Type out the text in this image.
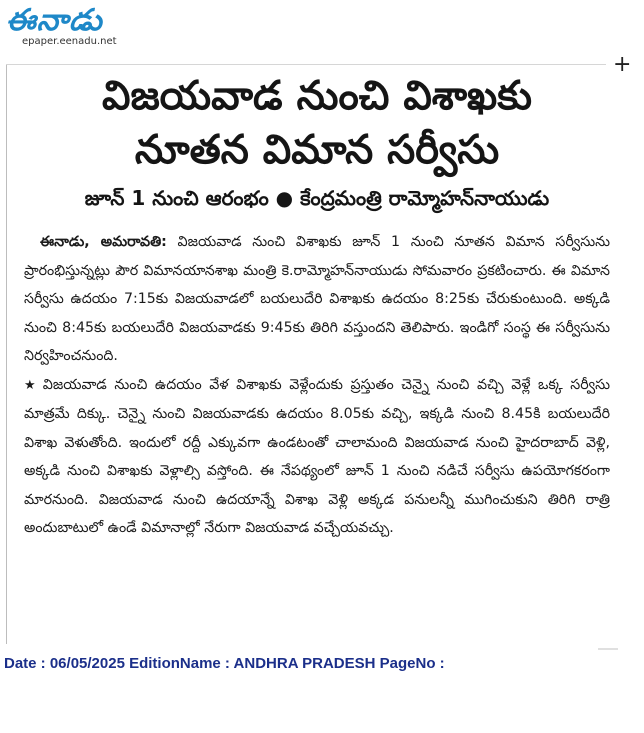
ఈనాడు
epaper.eenadu.net
+
విజయవాడ నుంచి విశాఖకు
నూతన విమాన సర్వీసు
జూన్‌ 1 నుంచి ఆరంభం ● కేంద్రమంత్రి రామ్మోహన్‌నాయుడు

ఈనాడు, అమరావతి: విజయవాడ నుంచి విశాఖకు జూన్‌ 1 నుంచి నూతన విమాన సర్వీసును ప్రారంభిస్తున్నట్లు పౌర విమానయానశాఖ మంత్రి కె.రామ్మోహన్‌నాయుడు సోమవారం ప్రకటించారు. ఈ విమాన సర్వీసు ఉదయం 7:15కు విజయవాడలో బయలుదేరి విశాఖకు ఉదయం 8:25కు చేరుకుంటుంది. అక్కడి నుంచి 8:45కు బయలుదేరి విజయవాడకు 9:45కు తిరిగి వస్తుందని తెలిపారు. ఇండిగో సంస్థ ఈ సర్వీసును నిర్వహించనుంది.

★ విజయవాడ నుంచి ఉదయం వేళ విశాఖకు వెళ్లేందుకు ప్రస్తుతం చెన్నై నుంచి వచ్చి వెళ్లే ఒక్క సర్వీసు మాత్రమే దిక్కు. చెన్నై నుంచి విజయవాడకు ఉదయం 8.05కు వచ్చి, ఇక్కడి నుంచి 8.45కి బయలుదేరి విశాఖ వెళుతోంది. ఇందులో రద్దీ ఎక్కువగా ఉండటంతో చాలామంది విజయవాడ నుంచి హైదరాబాద్‌ వెళ్లి, అక్కడి నుంచి విశాఖకు వెళ్లాల్సి వస్తోంది. ఈ నేపథ్యంలో జూన్‌ 1 నుంచి నడిచే సర్వీసు ఉపయోగకరంగా మారనుంది. విజయవాడ నుంచి ఉదయాన్నే విశాఖ వెళ్లి అక్కడ పనులన్నీ ముగించుకుని తిరిగి రాత్రి అందుబాటులో ఉండే విమానాల్లో నేరుగా విజయవాడ వచ్చేయవచ్చు.

Date : 06/05/2025 EditionName : ANDHRA PRADESH PageNo :
